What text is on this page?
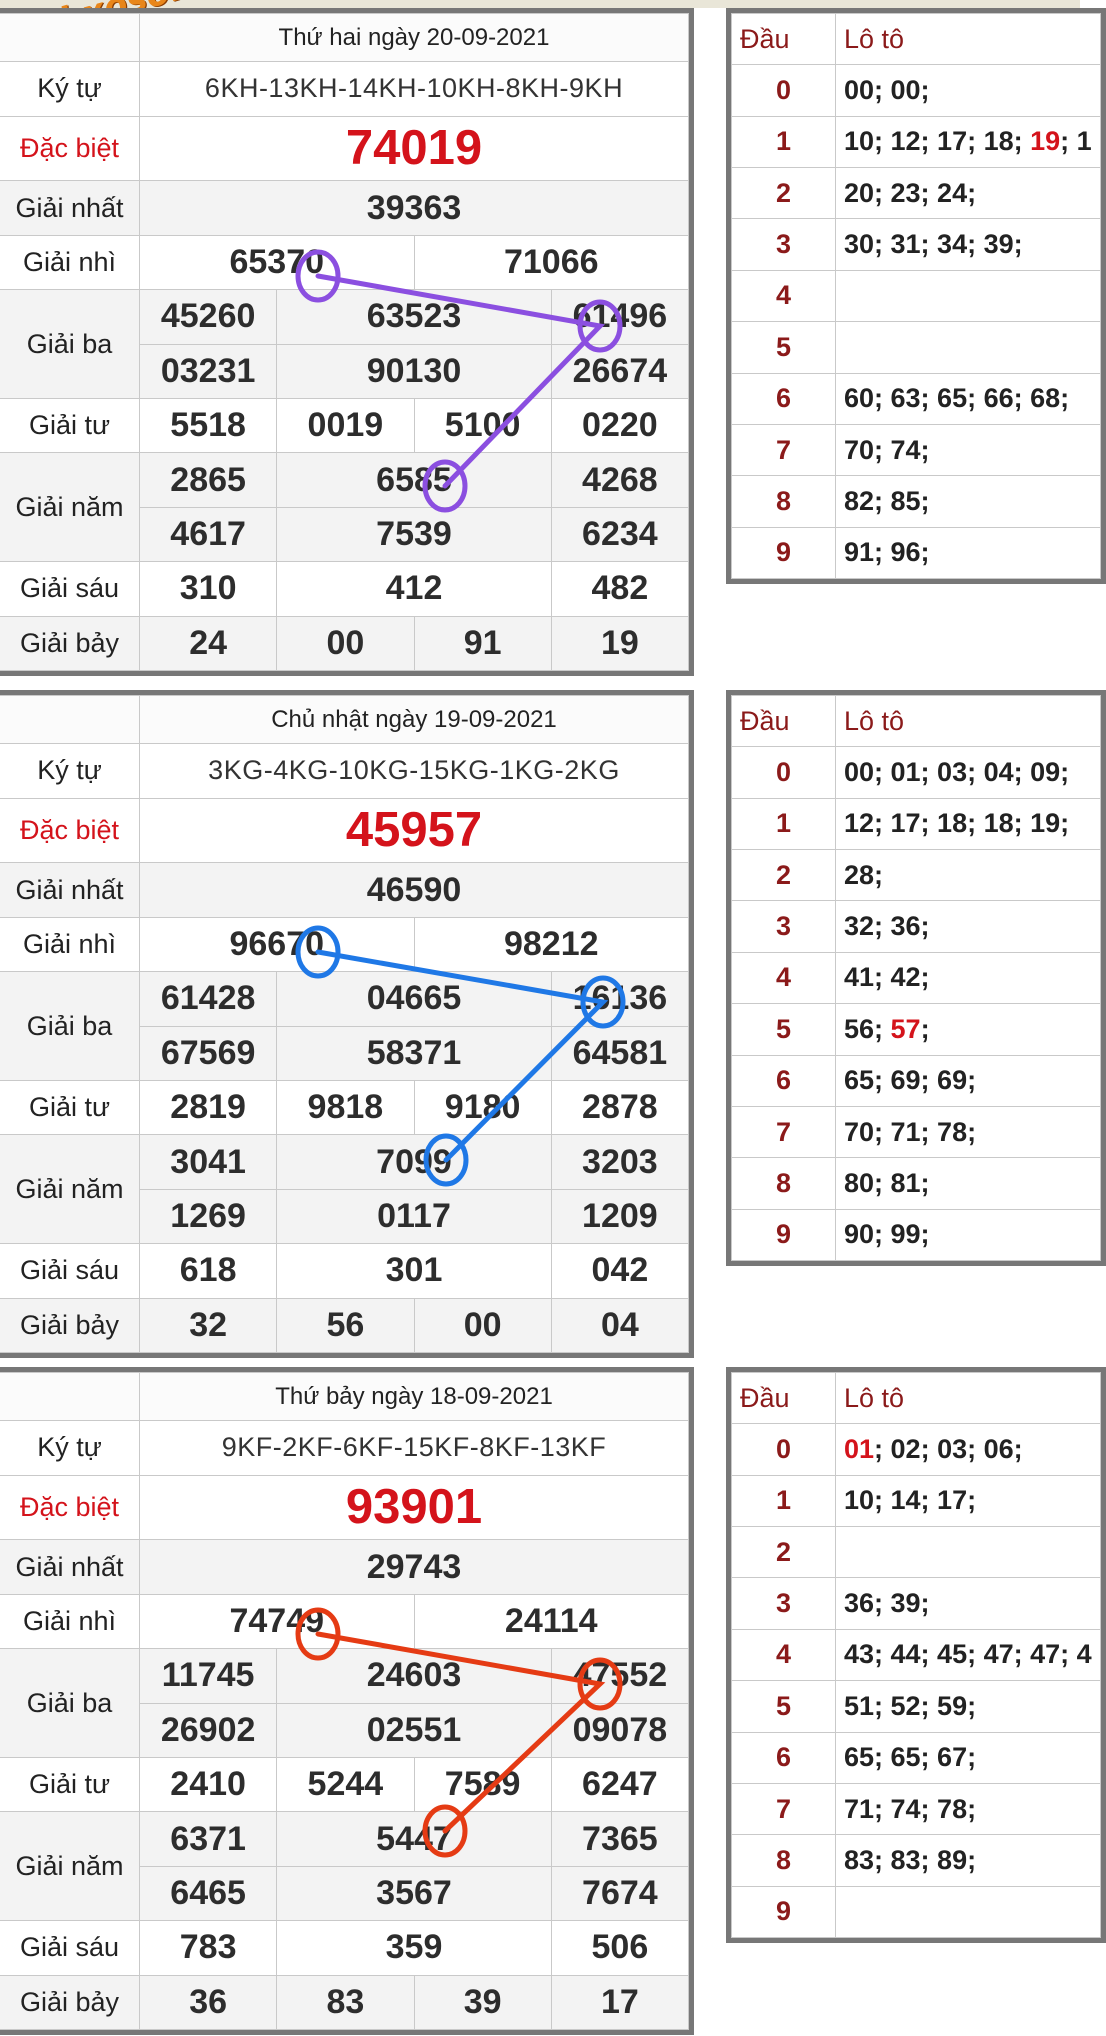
	Thứ hai ngày 20-09-2021			
Ký tự	6KH-13KH-14KH-10KH-8KH-9KH			
Đặc biệt	74019			
Giải nhất	39363			
Giải nhì	65370		71066	
Giải ba	45260	63523		61496
	03231	90130		26674
Giải tư	5518	0019	5100	0220
Giải năm	2865	6585		4268
	4617	7539		6234
Giải sáu	310	412		482
Giải bảy	24	00	91	19
Đầu	Lô tô
0	00; 00;
1	10; 12; 17; 18; 19; 1
2	20; 23; 24;
3	30; 31; 34; 39;
4	
5	
6	60; 63; 65; 66; 68;
7	70; 74;
8	82; 85;
9	91; 96;
	Chủ nhật ngày 19-09-2021			
Ký tự	3KG-4KG-10KG-15KG-1KG-2KG			
Đặc biệt	45957			
Giải nhất	46590			
Giải nhì	96670		98212	
Giải ba	61428	04665		16136
	67569	58371		64581
Giải tư	2819	9818	9180	2878
Giải năm	3041	7099		3203
	1269	0117		1209
Giải sáu	618	301		042
Giải bảy	32	56	00	04
Đầu	Lô tô
0	00; 01; 03; 04; 09;
1	12; 17; 18; 18; 19;
2	28;
3	32; 36;
4	41; 42;
5	56; 57;
6	65; 69; 69;
7	70; 71; 78;
8	80; 81;
9	90; 99;
	Thứ bảy ngày 18-09-2021			
Ký tự	9KF-2KF-6KF-15KF-8KF-13KF			
Đặc biệt	93901			
Giải nhất	29743			
Giải nhì	74749		24114	
Giải ba	11745	24603		47552
	26902	02551		09078
Giải tư	2410	5244	7589	6247
Giải năm	6371	5447		7365
	6465	3567		7674
Giải sáu	783	359		506
Giải bảy	36	83	39	17
Đầu	Lô tô
0	01; 02; 03; 06;
1	10; 14; 17;
2	
3	36; 39;
4	43; 44; 45; 47; 47; 4
5	51; 52; 59;
6	65; 65; 67;
7	71; 74; 78;
8	83; 83; 89;
9	
